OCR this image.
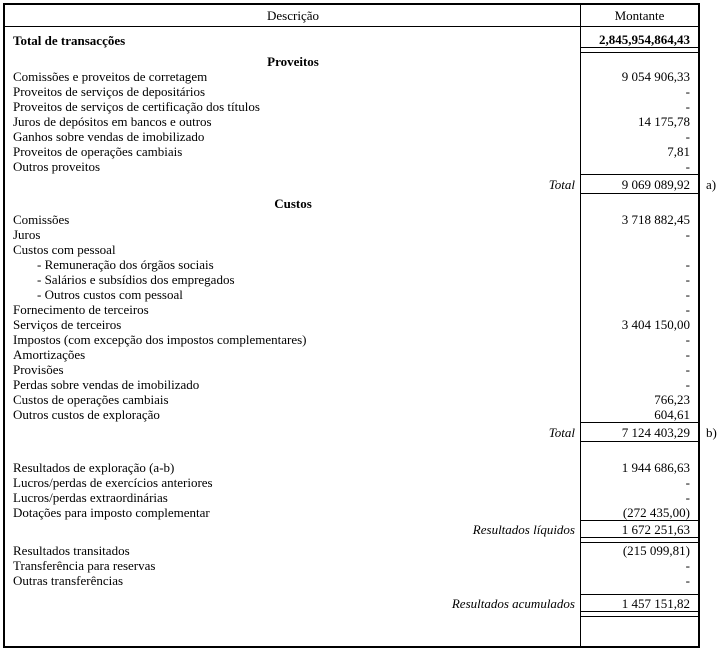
Descrição	Montante
Total de transacções	2,845,954,864,43
Proveitos
Comissões e proveitos de corretagem	9 054 906,33
Proveitos de serviços de depositários	-
Proveitos de serviços de certificação dos títulos	-
Juros de depósitos em bancos e outros	14 175,78
Ganhos sobre vendas de imobilizado	-
Proveitos de operações cambiais	7,81
Outros proveitos	-
Total	9 069 089,92
Custos
Comissões	3 718 882,45
Juros	-
Custos com pessoal
- Remuneração dos órgãos sociais	-
- Salários e subsídios dos empregados	-
- Outros custos com pessoal	-
Fornecimento de terceiros	-
Serviços de terceiros	3 404 150,00
Impostos (com excepção dos impostos complementares)	-
Amortizações	-
Provisões	-
Perdas sobre vendas de imobilizado	-
Custos de operações cambiais	766,23
Outros custos de exploração	604,61
Total	7 124 403,29
Resultados de exploração (a-b)	1 944 686,63
Lucros/perdas de exercícios anteriores	-
Lucros/perdas extraordinárias	-
Dotações para imposto complementar	(272 435,00)
Resultados líquidos	1 672 251,63
Resultados transitados	(215 099,81)
Transferência para reservas	-
Outras transferências	-
Resultados acumulados	1 457 151,82
a)
b)
